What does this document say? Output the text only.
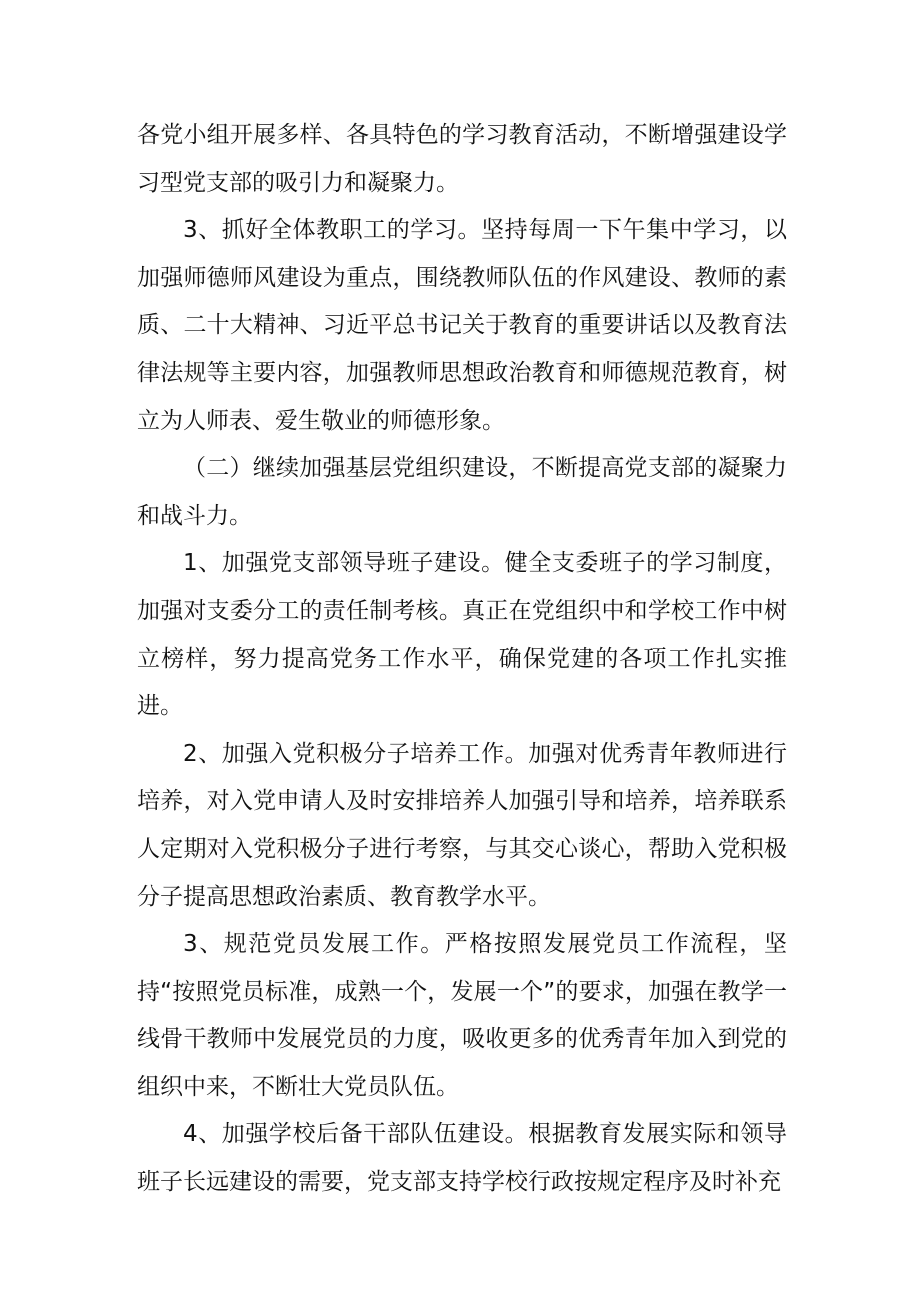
各党小组开展多样、各具特色的学习教育活动，不断增强建设学习型党支部的吸引力和凝聚力。

3、抓好全体教职工的学习。坚持每周一下午集中学习，以加强师德师风建设为重点，围绕教师队伍的作风建设、教师的素质、二十大精神、习近平总书记关于教育的重要讲话以及教育法律法规等主要内容，加强教师思想政治教育和师德规范教育，树立为人师表、爱生敬业的师德形象。

（二）继续加强基层党组织建设，不断提高党支部的凝聚力和战斗力。

1、加强党支部领导班子建设。健全支委班子的学习制度，加强对支委分工的责任制考核。真正在党组织中和学校工作中树立榜样，努力提高党务工作水平，确保党建的各项工作扎实推进。

2、加强入党积极分子培养工作。加强对优秀青年教师进行培养，对入党申请人及时安排培养人加强引导和培养，培养联系人定期对入党积极分子进行考察，与其交心谈心，帮助入党积极分子提高思想政治素质、教育教学水平。

3、规范党员发展工作。严格按照发展党员工作流程，坚持“按照党员标准，成熟一个，发展一个”的要求，加强在教学一线骨干教师中发展党员的力度，吸收更多的优秀青年加入到党的组织中来，不断壮大党员队伍。

4、加强学校后备干部队伍建设。根据教育发展实际和领导班子长远建设的需要，党支部支持学校行政按规定程序及时补充
